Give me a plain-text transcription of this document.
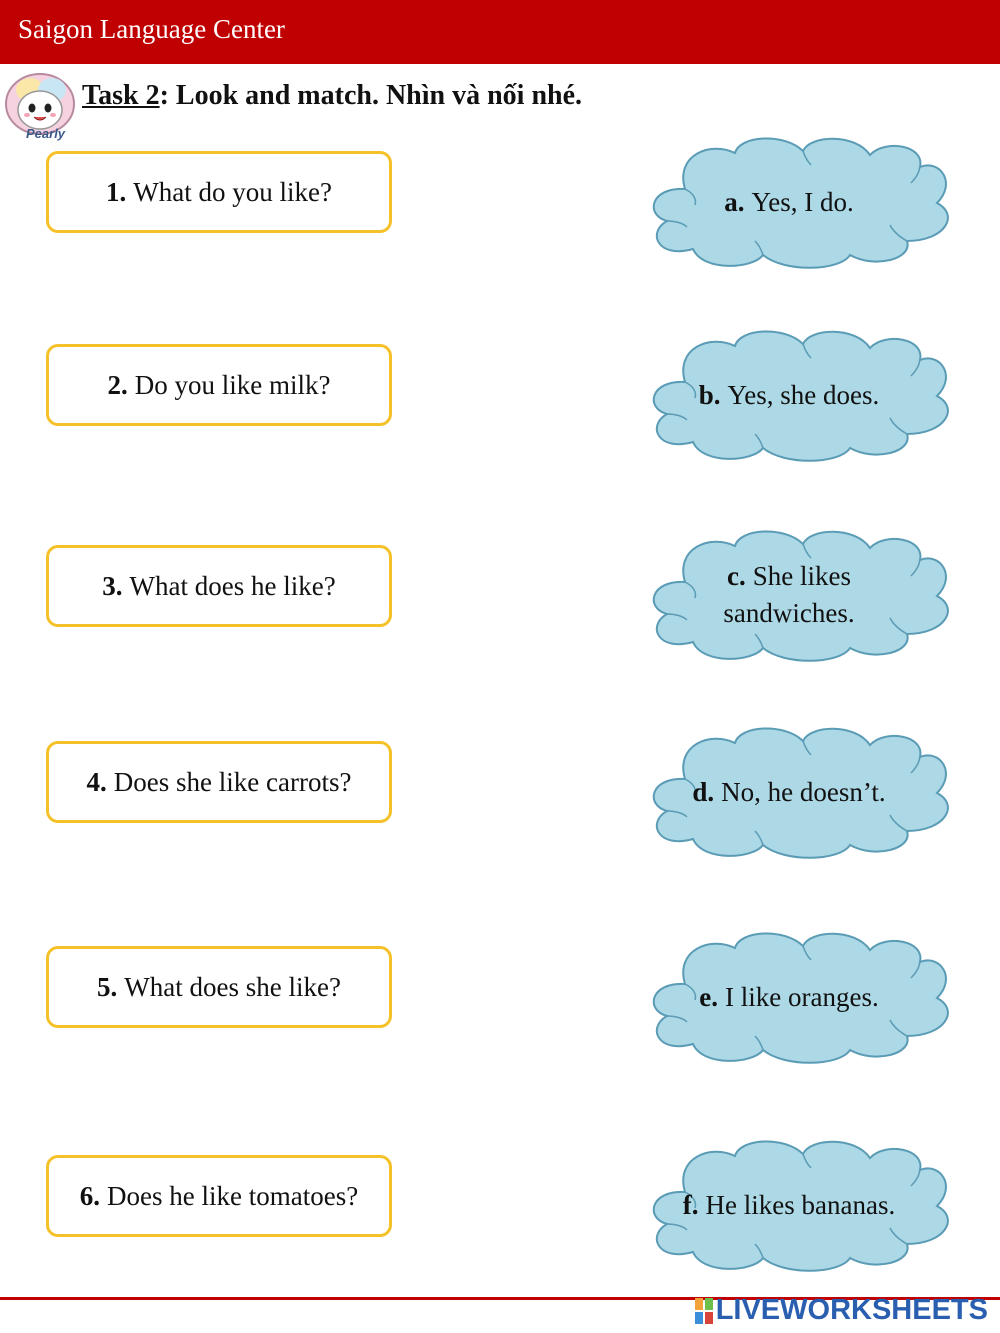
Saigon Language Center
Pearly
Task 2: Look and match. Nhìn và nối nhé.
1. What do you like?
2. Do you like milk?
3. What does he like?
4. Does she like carrots?
5. What does she like?
6. Does he like tomatoes?
a. Yes, I do.
b. Yes, she does.
c. She likes sandwiches.
d. No, he doesn’t.
e. I like oranges.
f. He likes bananas.
LIVEWORKSHEETS
